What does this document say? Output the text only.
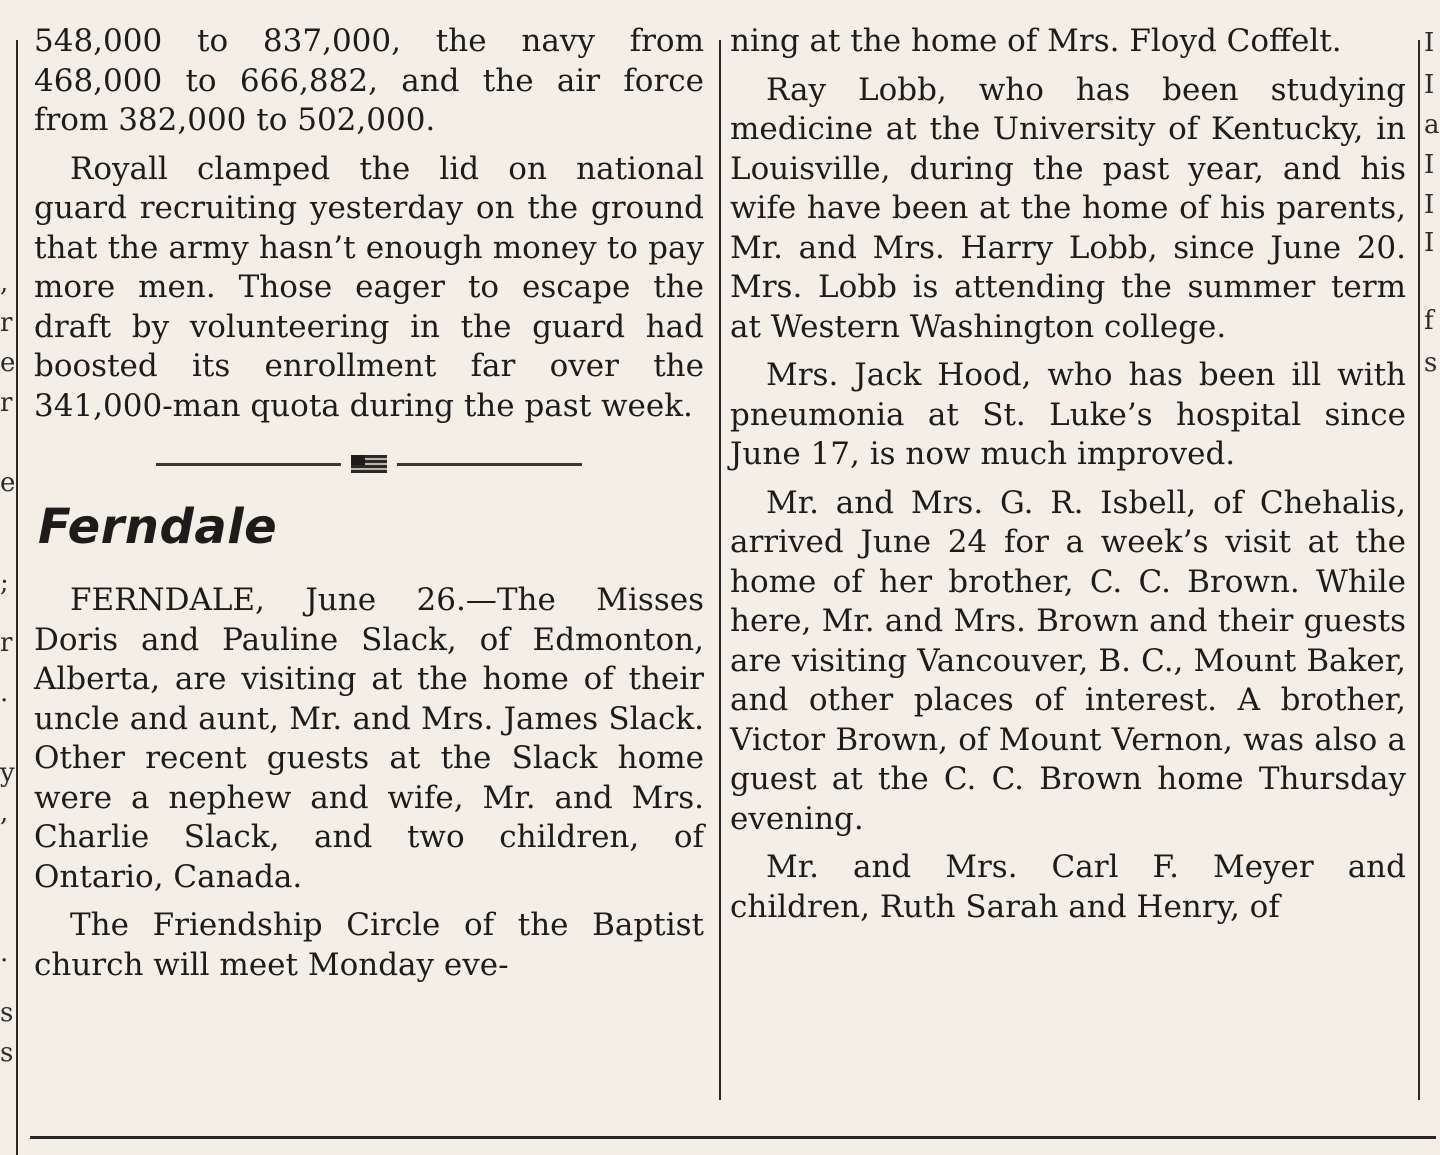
548,000 to 837,000, the navy from 468,000 to 666,882, and the air force from 382,000 to 502,000.

Royall clamped the lid on national guard recruiting yesterday on the ground that the army hasn’t enough money to pay more men. Those eager to escape the draft by volunteering in the guard had boosted its enrollment far over the 341,000-man quota during the past week.

Ferndale

FERNDALE, June 26.—The Misses Doris and Pauline Slack, of Edmonton, Alberta, are visiting at the home of their uncle and aunt, Mr. and Mrs. James Slack. Other recent guests at the Slack home were a nephew and wife, Mr. and Mrs. Charlie Slack, and two children, of Ontario, Canada.

The Friendship Circle of the Baptist church will meet Monday eve-

ning at the home of Mrs. Floyd Coffelt.

Ray Lobb, who has been studying medicine at the University of Kentucky, in Louisville, during the past year, and his wife have been at the home of his parents, Mr. and Mrs. Harry Lobb, since June 20. Mrs. Lobb is attending the summer term at Western Washington college.

Mrs. Jack Hood, who has been ill with pneumonia at St. Luke’s hospital since June 17, is now much improved.

Mr. and Mrs. G. R. Isbell, of Chehalis, arrived June 24 for a week’s visit at the home of her brother, C. C. Brown. While here, Mr. and Mrs. Brown and their guests are visiting Vancouver, B. C., Mount Baker, and other places of interest. A brother, Victor Brown, of Mount Vernon, was also a guest at the C. C. Brown home Thursday evening.

Mr. and Mrs. Carl F. Meyer and children, Ruth Sarah and Henry, of

,
r
e
r
e
;
r
.
y
,
.
s
s
I
I
a
I
I
I
f
s
